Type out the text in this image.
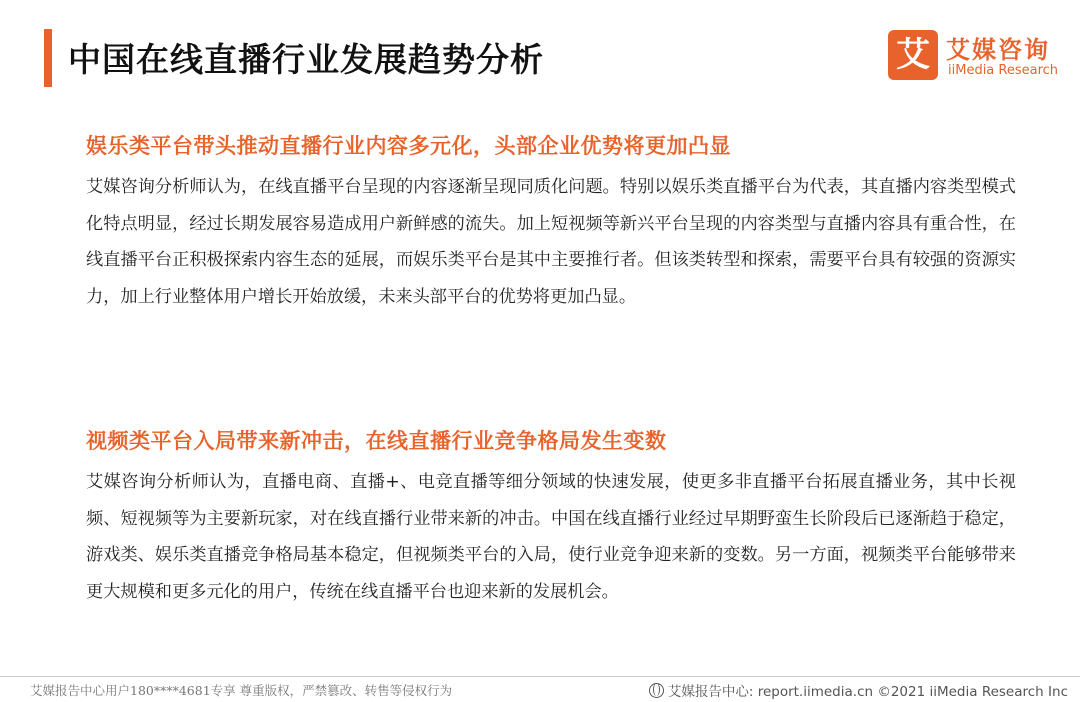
中国在线直播行业发展趋势分析	艾 艾媒咨询
iiMedia Research
娱乐类平台带头推动直播行业内容多元化，头部企业优势将更加凸显

艾媒咨询分析师认为，在线直播平台呈现的内容逐渐呈现同质化问题。特别以娱乐类直播平台为代表，其直播内容类型模式化特点明显，经过长期发展容易造成用户新鲜感的流失。加上短视频等新兴平台呈现的内容类型与直播内容具有重合性，在线直播平台正积极探索内容生态的延展，而娱乐类平台是其中主要推行者。但该类转型和探索，需要平台具有较强的资源实力，加上行业整体用户增长开始放缓，未来头部平台的优势将更加凸显。

视频类平台入局带来新冲击，在线直播行业竞争格局发生变数

艾媒咨询分析师认为，直播电商、直播+、电竞直播等细分领域的快速发展，使更多非直播平台拓展直播业务，其中长视频、短视频等为主要新玩家，对在线直播行业带来新的冲击。中国在线直播行业经过早期野蛮生长阶段后已逐渐趋于稳定，游戏类、娱乐类直播竞争格局基本稳定，但视频类平台的入局，使行业竞争迎来新的变数。另一方面，视频类平台能够带来更大规模和更多元化的用户，传统在线直播平台也迎来新的发展机会。

艾媒报告中心用户180****4681专享 尊重版权，严禁篡改、转售等侵权行为	艾媒报告中心: report.iimedia.cn ©2021 iiMedia Research Inc
